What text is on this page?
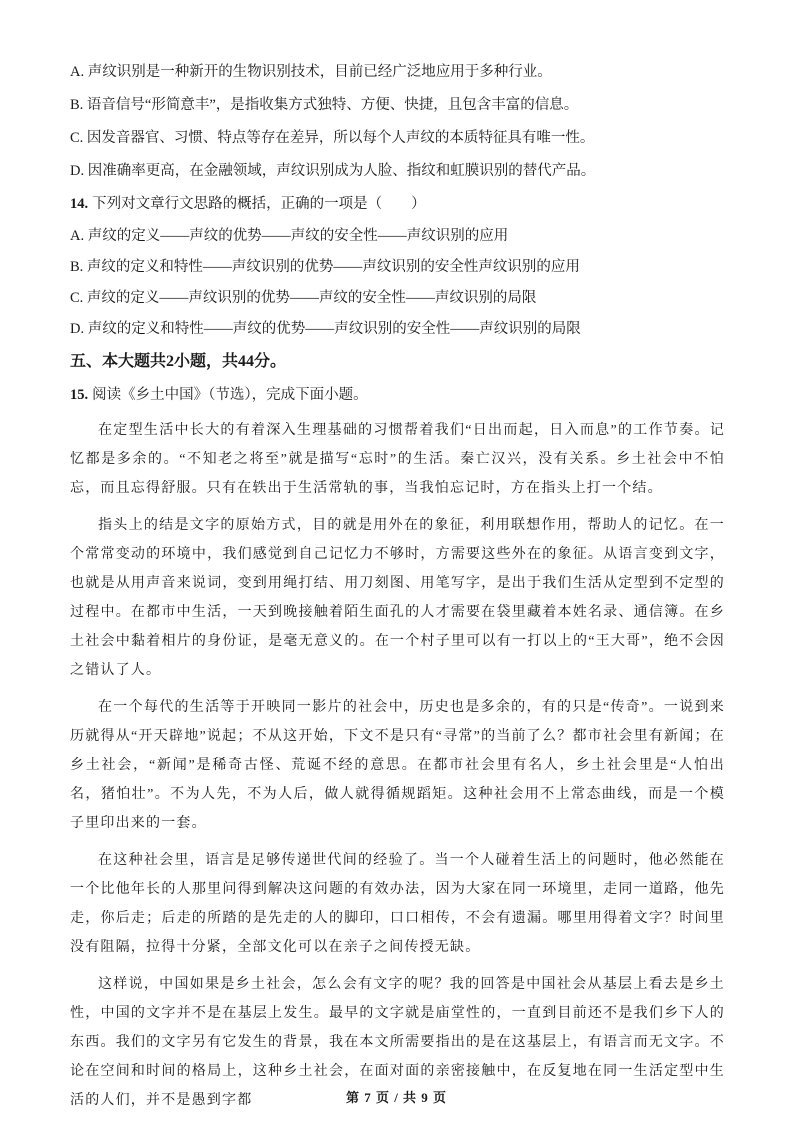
A. 声纹识别是一种新开的生物识别技术，目前已经广泛地应用于多种行业。

B. 语音信号“形简意丰”，是指收集方式独特、方便、快捷，且包含丰富的信息。

C. 因发音器官、习惯、特点等存在差异，所以每个人声纹的本质特征具有唯一性。

D. 因准确率更高，在金融领域，声纹识别成为人脸、指纹和虹膜识别的替代产品。

14. 下列对文章行文思路的概括，正确的一项是（　　）

A. 声纹的定义——声纹的优势——声纹的安全性——声纹识别的应用

B. 声纹的定义和特性——声纹识别的优势——声纹识别的安全性声纹识别的应用

C. 声纹的定义——声纹识别的优势——声纹的安全性——声纹识别的局限

D. 声纹的定义和特性——声纹的优势——声纹识别的安全性——声纹识别的局限

五、本大题共2小题，共44分。

15. 阅读《乡土中国》（节选），完成下面小题。

在定型生活中长大的有着深入生理基础的习惯帮着我们“日出而起，日入而息”的工作节奏。记忆都是多余的。“不知老之将至”就是描写“忘时”的生活。秦亡汉兴，没有关系。乡土社会中不怕忘，而且忘得舒服。只有在轶出于生活常轨的事，当我怕忘记时，方在指头上打一个结。

指头上的结是文字的原始方式，目的就是用外在的象征，利用联想作用，帮助人的记忆。在一个常常变动的环境中，我们感觉到自己记忆力不够时，方需要这些外在的象征。从语言变到文字，也就是从用声音来说词，变到用绳打结、用刀刻图、用笔写字，是出于我们生活从定型到不定型的过程中。在都市中生活，一天到晚接触着陌生面孔的人才需要在袋里藏着本姓名录、通信簿。在乡土社会中黏着相片的身份证，是毫无意义的。在一个村子里可以有一打以上的“王大哥”，绝不会因之错认了人。

在一个每代的生活等于开映同一影片的社会中，历史也是多余的，有的只是“传奇”。一说到来历就得从“开天辟地”说起；不从这开始，下文不是只有“寻常”的当前了么？都市社会里有新闻；在乡土社会，“新闻”是稀奇古怪、荒诞不经的意思。在都市社会里有名人，乡土社会里是“人怕出名，猪怕壮”。不为人先，不为人后，做人就得循规蹈矩。这种社会用不上常态曲线，而是一个模子里印出来的一套。

在这种社会里，语言是足够传递世代间的经验了。当一个人碰着生活上的问题时，他必然能在一个比他年长的人那里问得到解决这问题的有效办法，因为大家在同一环境里，走同一道路，他先走，你后走；后走的所踏的是先走的人的脚印，口口相传，不会有遗漏。哪里用得着文字？时间里没有阻隔，拉得十分紧，全部文化可以在亲子之间传授无缺。

这样说，中国如果是乡土社会，怎么会有文字的呢？我的回答是中国社会从基层上看去是乡土性，中国的文字并不是在基层上发生。最早的文字就是庙堂性的，一直到目前还不是我们乡下人的东西。我们的文字另有它发生的背景，我在本文所需要指出的是在这基层上，有语言而无文字。不论在空间和时间的格局上，这种乡土社会，在面对面的亲密接触中，在反复地在同一生活定型中生活的人们，并不是愚到字都	第 7 页 / 共 9 页
